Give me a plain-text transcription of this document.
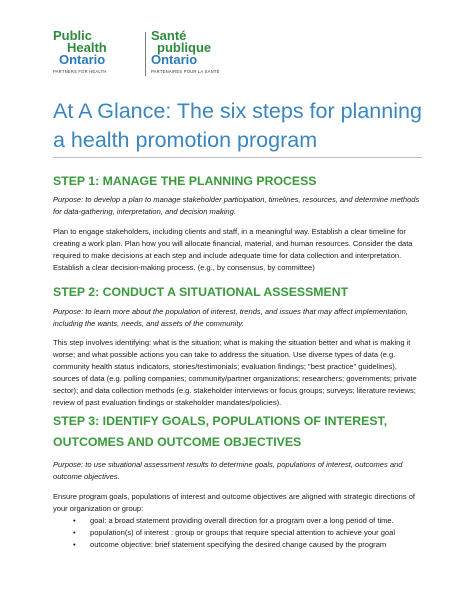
Public
Health
Ontario
PARTNERS FOR HEALTH
Santé
publique
Ontario
PARTENAIRES POUR LA SANTÉ
At A Glance: The six steps for planning a health promotion program
STEP 1: MANAGE THE PLANNING PROCESS

Purpose: to develop a plan to manage stakeholder participation, timelines, resources, and determine methods for data-gathering, interpretation, and decision making.

Plan to engage stakeholders, including clients and staff, in a meaningful way. Establish a clear timeline for creating a work plan. Plan how you will allocate financial, material, and human resources. Consider the data required to make decisions at each step and include adequate time for data collection and interpretation. Establish a clear decision-making process. (e.g., by consensus, by committee)

STEP 2: CONDUCT A SITUATIONAL ASSESSMENT

Purpose: to learn more about the population of interest, trends, and issues that may affect implementation, including the wants, needs, and assets of the community.

This step involves identifying: what is the situation; what is making the situation better and what is making it worse; and what possible actions you can take to address the situation. Use diverse types of data (e.g. community health status indicators, stories/testimonials; evaluation findings; "best practice" guidelines), sources of data (e.g. polling companies; community/partner organizations; researchers; governments; private sector); and data collection methods (e.g. stakeholder interviews or focus groups; surveys; literature reviews; review of past evaluation findings or stakeholder mandates/policies).

STEP 3: IDENTIFY GOALS, POPULATIONS OF INTEREST, OUTCOMES AND OUTCOME OBJECTIVES

Purpose: to use situational assessment results to determine goals, populations of interest, outcomes and outcome objectives.

Ensure program goals, populations of interest and outcome objectives are aligned with strategic directions of your organization or group:

• goal: a broad statement providing overall direction for a program over a long period of time.
• population(s) of interest : group or groups that require special attention to achieve your goal
• outcome objective: brief statement specifying the desired change caused by the program
